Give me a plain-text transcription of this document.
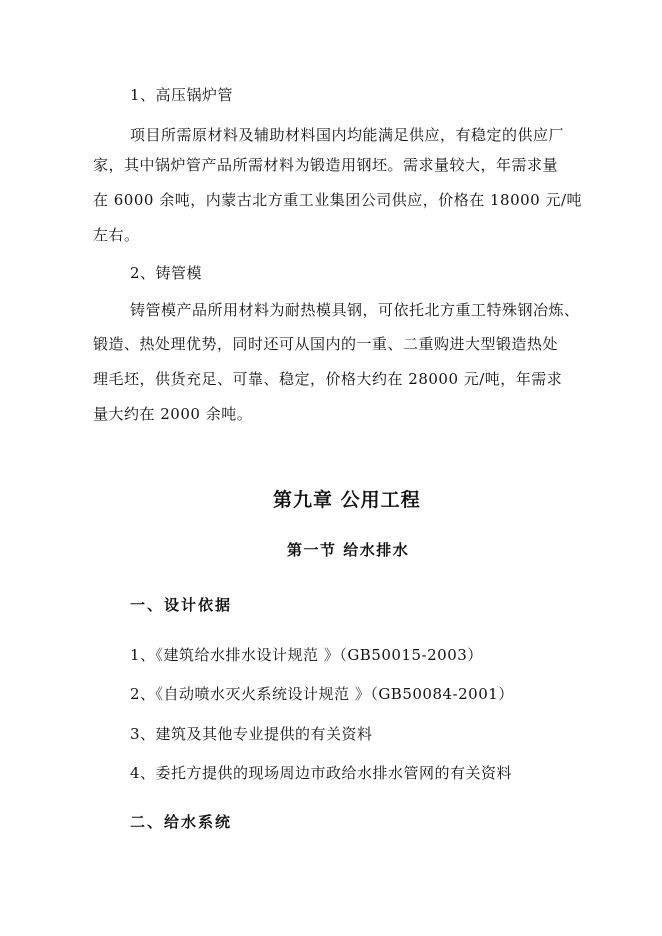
1、高压锅炉管
项目所需原材料及辅助材料国内均能满足供应，有稳定的供应厂
家，其中锅炉管产品所需材料为锻造用钢坯。需求量较大，年需求量
在 6000 余吨，内蒙古北方重工业集团公司供应，价格在 18000 元/吨
左右。
2、铸管模
铸管模产品所用材料为耐热模具钢，可依托北方重工特殊钢冶炼、
锻造、热处理优势，同时还可从国内的一重、二重购进大型锻造热处
理毛坯，供货充足、可靠、稳定，价格大约在 28000 元/吨，年需求
量大约在 2000 余吨。
第九章 公用工程
第一节 给水排水
一、设计依据
1、《建筑给水排水设计规范 》（GB50015-2003）
2、《自动喷水灭火系统设计规范 》（GB50084-2001）
3、建筑及其他专业提供的有关资料
4、委托方提供的现场周边市政给水排水管网的有关资料
二、给水系统
